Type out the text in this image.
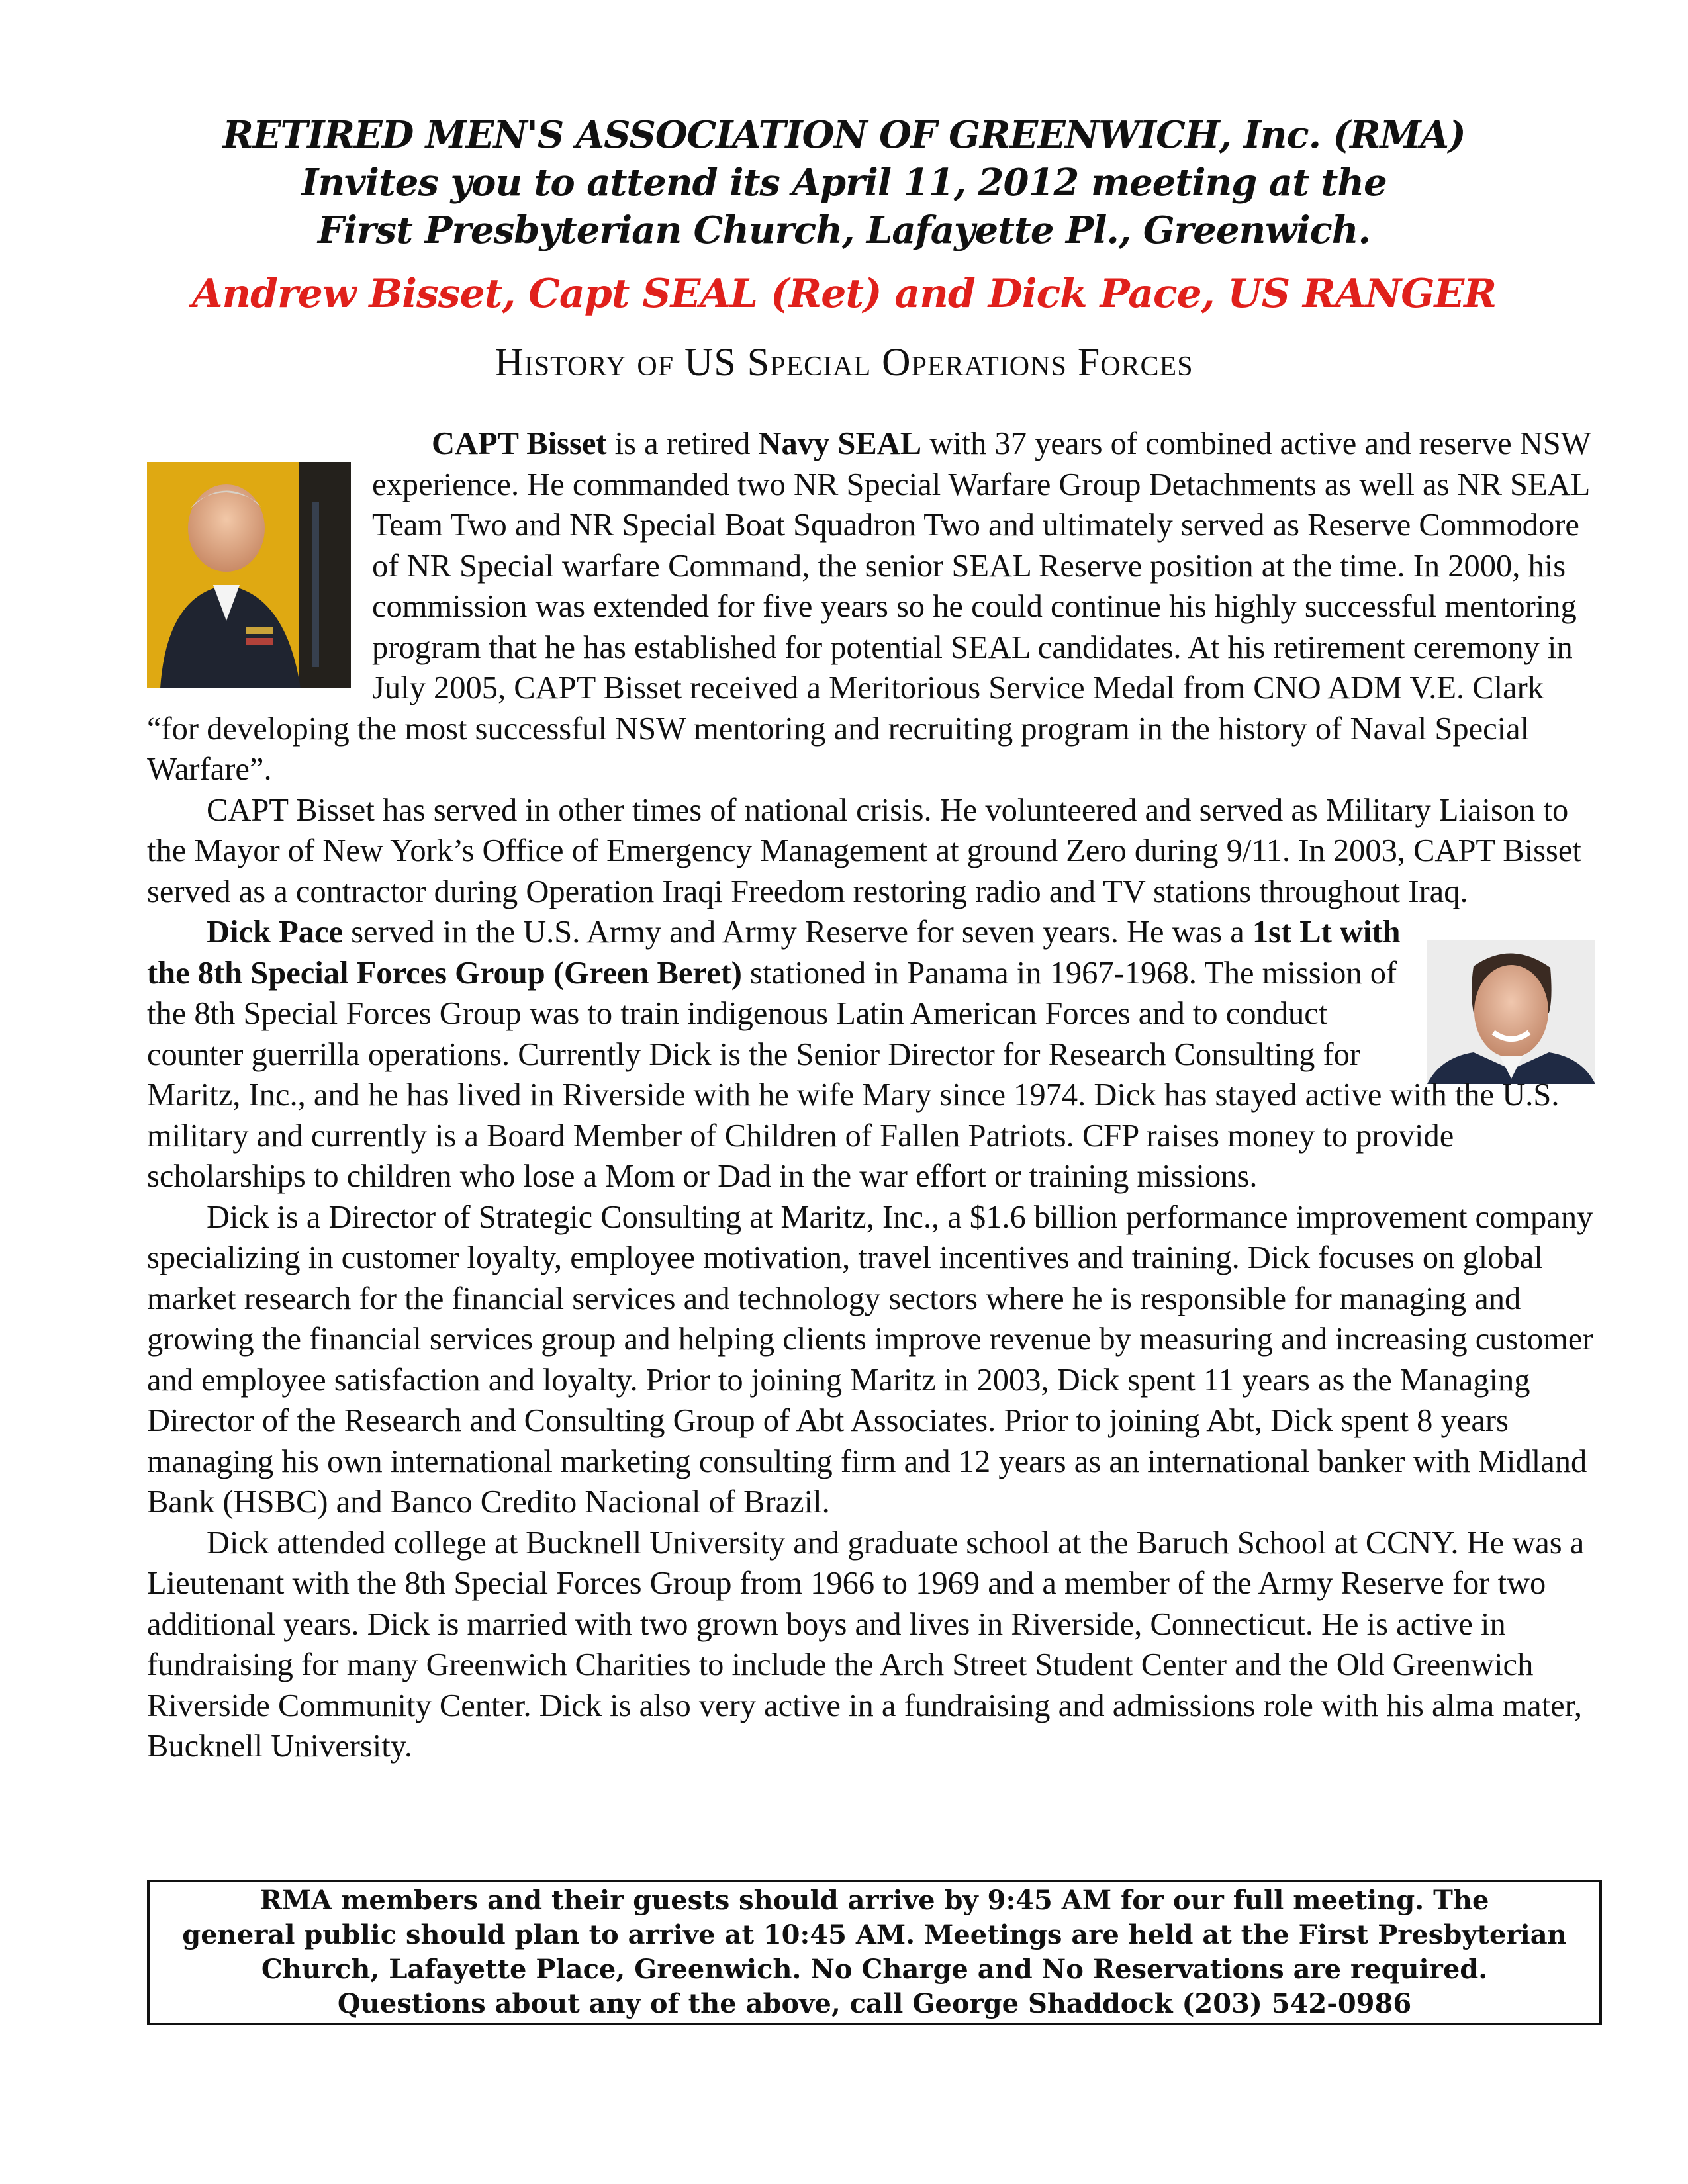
RETIRED MEN'S ASSOCIATION OF GREENWICH, Inc. (RMA)
Invites you to attend its April 11, 2012 meeting at the
First Presbyterian Church, Lafayette Pl., Greenwich.
Andrew Bisset, Capt SEAL (Ret) and Dick Pace, US RANGER
History of US Special Operations Forces

CAPT Bisset is a retired Navy SEAL with 37 years of combined active and reserve NSW experience. He commanded two NR Special Warfare Group Detachments as well as NR SEAL Team Two and NR Special Boat Squadron Two and ultimately served as Reserve Commodore of NR Special warfare Command, the senior SEAL Reserve position at the time. In 2000, his commission was extended for five years so he could continue his highly successful mentoring program that he has established for potential SEAL candidates. At his retirement ceremony in July 2005, CAPT Bisset received a Meritorious Service Medal from CNO ADM V.E. Clark “for developing the most successful NSW mentoring and recruiting program in the history of Naval Special Warfare”.

CAPT Bisset has served in other times of national crisis. He volunteered and served as Military Liaison to the Mayor of New York’s Office of Emergency Management at ground Zero during 9/11. In 2003, CAPT Bisset served as a contractor during Operation Iraqi Freedom restoring radio and TV stations throughout Iraq.

Dick Pace served in the U.S. Army and Army Reserve for seven years. He was a 1st Lt with the 8th Special Forces Group (Green Beret) stationed in Panama in 1967-1968. The mission of the 8th Special Forces Group was to train indigenous Latin American Forces and to conduct counter guerrilla operations. Currently Dick is the Senior Director for Research Consulting for Maritz, Inc., and he has lived in Riverside with he wife Mary since 1974. Dick has stayed active with the U.S. military and currently is a Board Member of Children of Fallen Patriots. CFP raises money to provide scholarships to children who lose a Mom or Dad in the war effort or training missions.

Dick is a Director of Strategic Consulting at Maritz, Inc., a $1.6 billion performance improvement company specializing in customer loyalty, employee motivation, travel incentives and training. Dick focuses on global market research for the financial services and technology sectors where he is responsible for managing and growing the financial services group and helping clients improve revenue by measuring and increasing customer and employee satisfaction and loyalty. Prior to joining Maritz in 2003, Dick spent 11 years as the Managing Director of the Research and Consulting Group of Abt Associates. Prior to joining Abt, Dick spent 8 years managing his own international marketing consulting firm and 12 years as an international banker with Midland Bank (HSBC) and Banco Credito Nacional of Brazil.

Dick attended college at Bucknell University and graduate school at the Baruch School at CCNY. He was a Lieutenant with the 8th Special Forces Group from 1966 to 1969 and a member of the Army Reserve for two additional years. Dick is married with two grown boys and lives in Riverside, Connecticut. He is active in fundraising for many Greenwich Charities to include the Arch Street Student Center and the Old Greenwich Riverside Community Center. Dick is also very active in a fundraising and admissions role with his alma mater, Bucknell University.

RMA members and their guests should arrive by 9:45 AM for our full meeting. The
general public should plan to arrive at 10:45 AM. Meetings are held at the First Presbyterian
Church, Lafayette Place, Greenwich. No Charge and No Reservations are required.
Questions about any of the above, call George Shaddock (203) 542-0986
